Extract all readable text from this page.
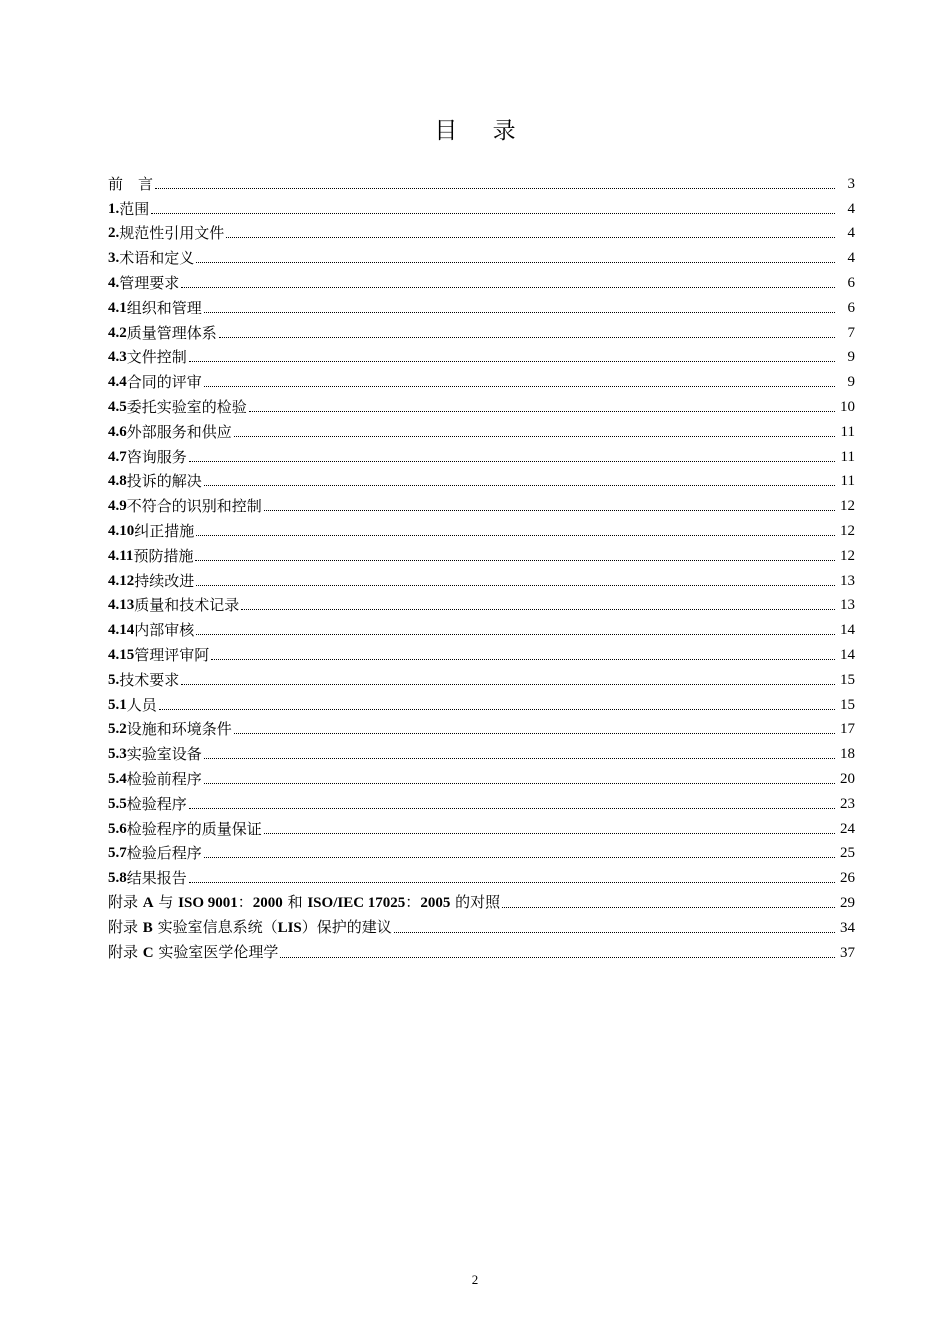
目 录
前　言	3
1. 范围	4
2. 规范性引用文件	4
3. 术语和定义	4
4. 管理要求	6
4.1 组织和管理	6
4.2 质量管理体系	7
4.3 文件控制	9
4.4 合同的评审	9
4.5 委托实验室的检验	10
4.6 外部服务和供应	11
4.7 咨询服务	11
4.8 投诉的解决	11
4.9 不符合的识别和控制	12
4.10 纠正措施	12
4.11 预防措施	12
4.12 持续改进	13
4.13 质量和技术记录	13
4.14 内部审核	14
4.15 管理评审阿	14
5. 技术要求	15
5.1 人员	15
5.2 设施和环境条件	17
5.3 实验室设备	18
5.4 检验前程序	20
5.5 检验程序	23
5.6 检验程序的质量保证	24
5.7 检验后程序	25
5.8 结果报告	26
附录 A 与 ISO 9001：2000 和 ISO/IEC 17025：2005 的对照	29
附录 B 实验室信息系统（LIS）保护的建议	34
附录 C 实验室医学伦理学	37
2
